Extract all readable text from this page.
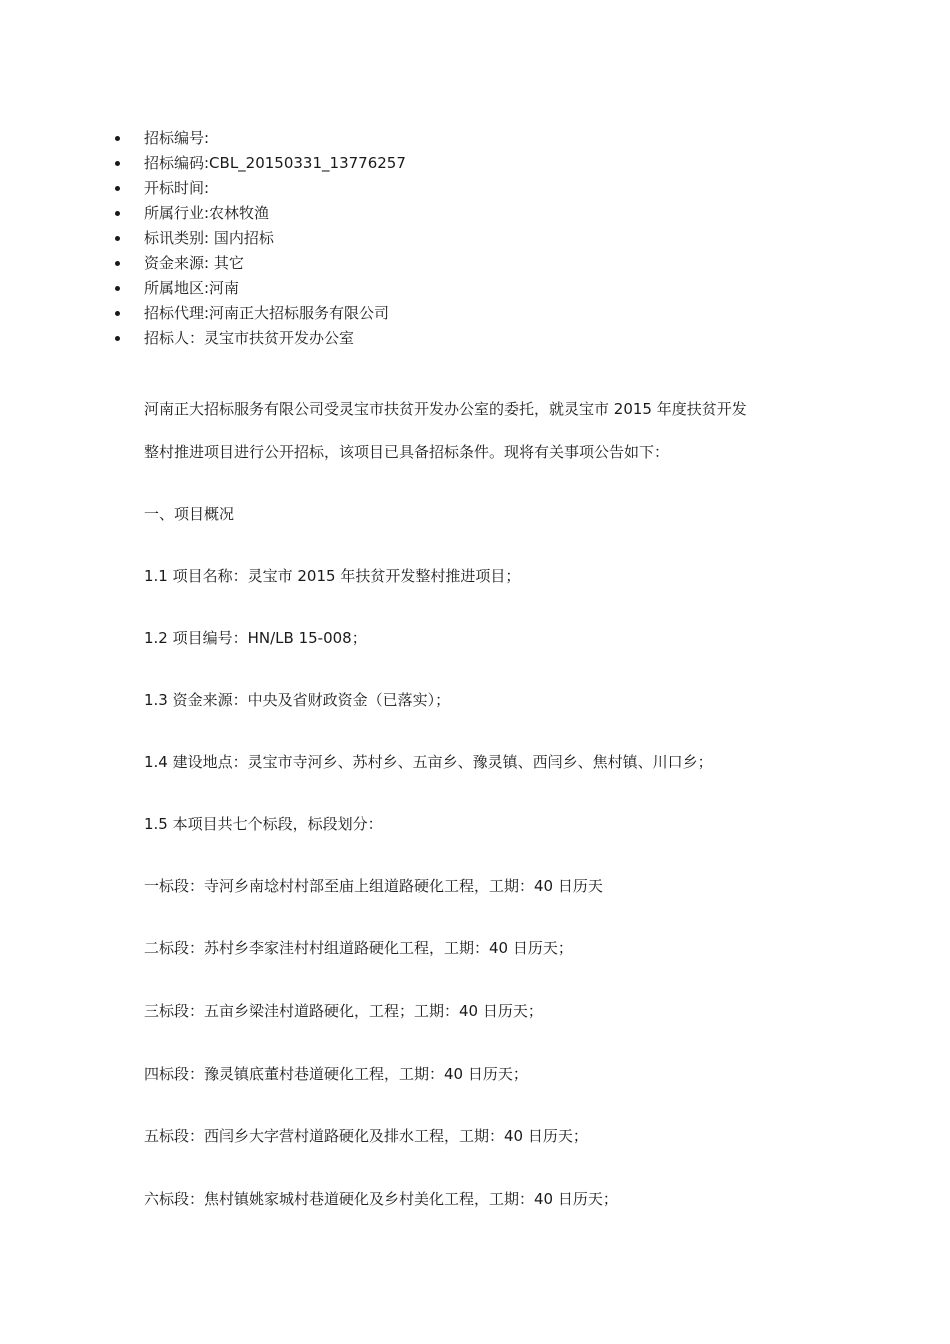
招标编号:
招标编码:CBL_20150331_13776257
开标时间:
所属行业:农林牧渔
标讯类别: 国内招标
资金来源: 其它
所属地区:河南
招标代理:河南正大招标服务有限公司
招标人：灵宝市扶贫开发办公室
河南正大招标服务有限公司受灵宝市扶贫开发办公室的委托，就灵宝市 2015 年度扶贫开发
整村推进项目进行公开招标，该项目已具备招标条件。现将有关事项公告如下：
一、项目概况
1.1 项目名称：灵宝市 2015 年扶贫开发整村推进项目；
1.2 项目编号：HN/LB 15-008；
1.3 资金来源：中央及省财政资金（已落实）；
1.4 建设地点：灵宝市寺河乡、苏村乡、五亩乡、豫灵镇、西闫乡、焦村镇、川口乡；
1.5 本项目共七个标段，标段划分：
一标段：寺河乡南埝村村部至庙上组道路硬化工程，工期：40 日历天
二标段：苏村乡李家洼村村组道路硬化工程，工期：40 日历天；
三标段：五亩乡梁洼村道路硬化，工程；工期：40 日历天；
四标段：豫灵镇底董村巷道硬化工程，工期：40 日历天；
五标段：西闫乡大字营村道路硬化及排水工程，工期：40 日历天；
六标段：焦村镇姚家城村巷道硬化及乡村美化工程，工期：40 日历天；
